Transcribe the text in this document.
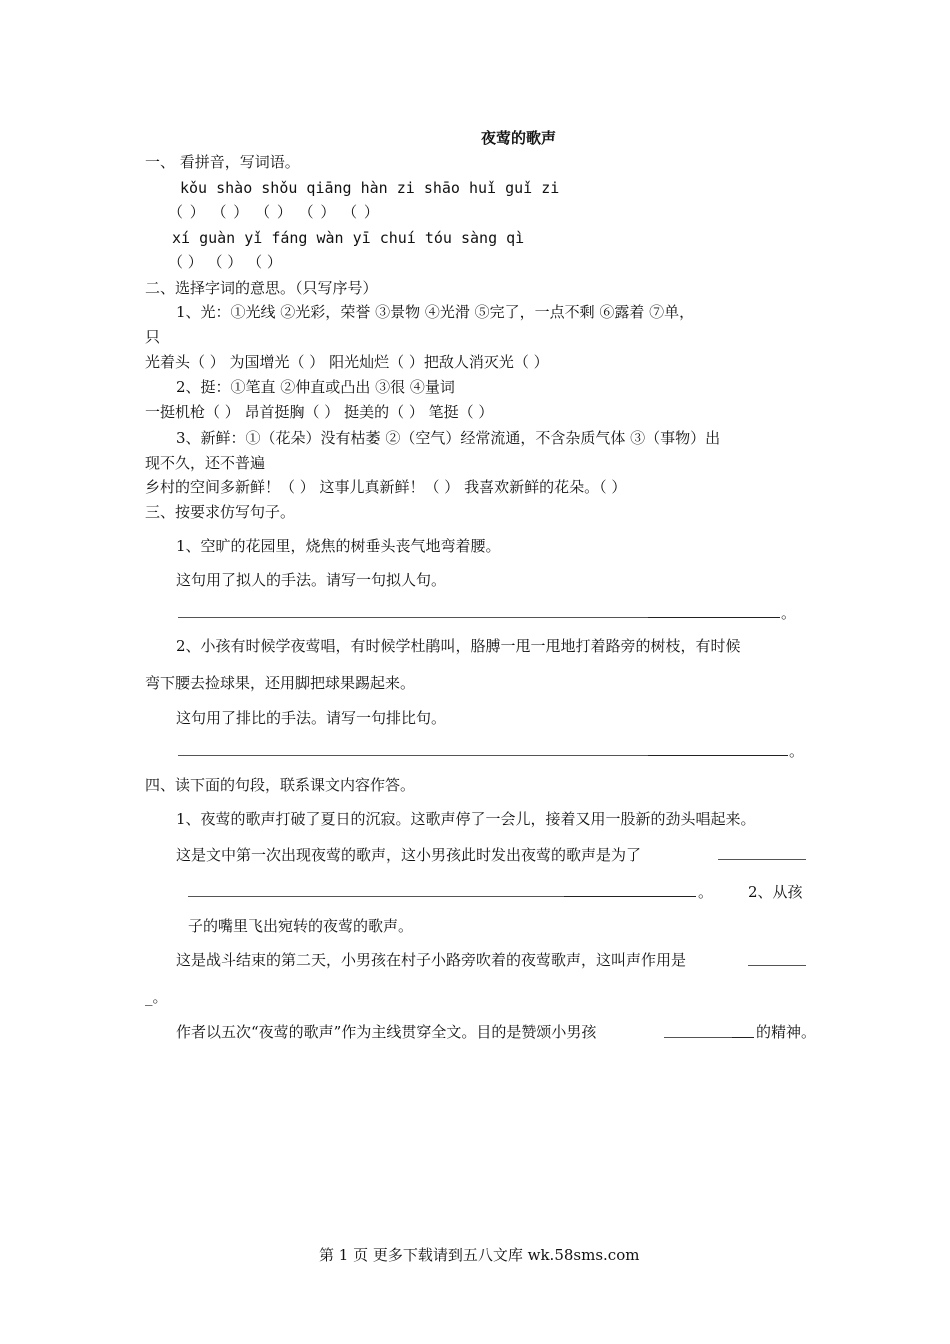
夜莺的歌声
一、 看拼音，写词语。
kǒu shào shǒu qiāng hàn zi shāo huǐ guǐ zi
（ ） （ ） （ ） （ ） （ ）
xí guàn yǐ fáng wàn yī chuí tóu sàng qì
（ ） （ ） （ ）
二、选择字词的意思。（只写序号）
1、光：①光线 ②光彩，荣誉 ③景物 ④光滑 ⑤完了，一点不剩 ⑥露着 ⑦单，
只
光着头（ ） 为国增光（ ） 阳光灿烂（ ）把敌人消灭光（ ）
2、挺：①笔直 ②伸直或凸出 ③很 ④量词
一挺机枪（ ） 昂首挺胸（ ） 挺美的（ ） 笔挺（ ）
3、新鲜：①（花朵）没有枯萎 ②（空气）经常流通，不含杂质气体 ③（事物）出
现不久，还不普遍
乡村的空间多新鲜！（ ） 这事儿真新鲜！（ ） 我喜欢新鲜的花朵。（ ）
三、按要求仿写句子。
1、空旷的花园里，烧焦的树垂头丧气地弯着腰。
这句用了拟人的手法。请写一句拟人句。
。
2、小孩有时候学夜莺唱，有时候学杜鹃叫，胳膊一甩一甩地打着路旁的树枝，有时候
弯下腰去捡球果，还用脚把球果踢起来。
这句用了排比的手法。请写一句排比句。
。
四、读下面的句段，联系课文内容作答。
1、夜莺的歌声打破了夏日的沉寂。这歌声停了一会儿，接着又用一股新的劲头唱起来。
这是文中第一次出现夜莺的歌声，这小男孩此时发出夜莺的歌声是为了
。 2、从孩
子的嘴里飞出宛转的夜莺的歌声。
这是战斗结束的第二天，小男孩在村子小路旁吹着的夜莺歌声，这叫声作用是
_。
作者以五次“夜莺的歌声”作为主线贯穿全文。目的是赞颂小男孩	的精神。
第 1 页 更多下载请到五八文库 wk.58sms.com
